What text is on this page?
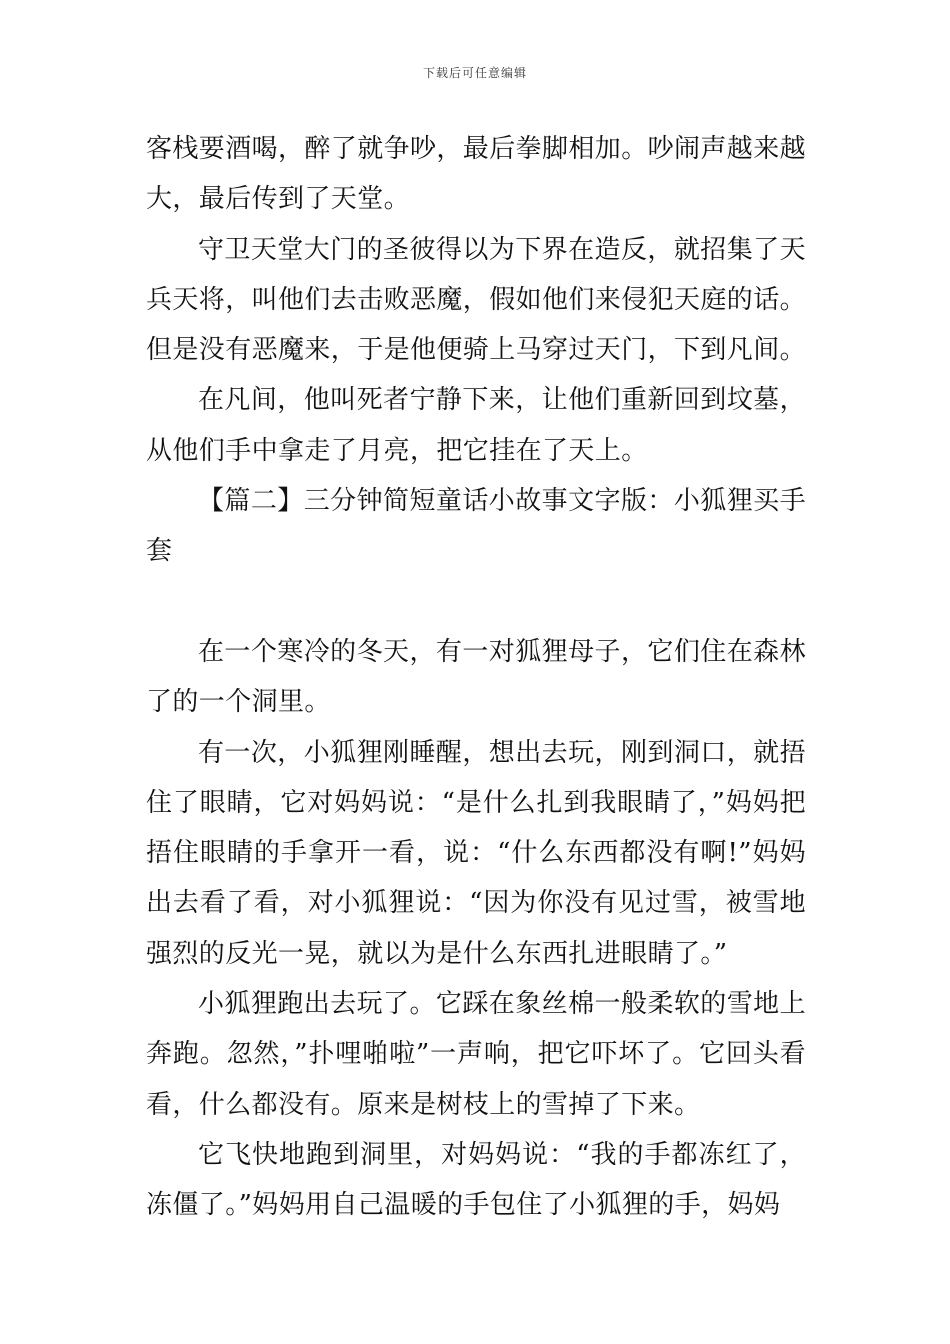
下载后可任意编辑

客栈要酒喝，醉了就争吵，最后拳脚相加。吵闹声越来越大，最后传到了天堂。

守卫天堂大门的圣彼得以为下界在造反，就招集了天兵天将，叫他们去击败恶魔，假如他们来侵犯天庭的话。但是没有恶魔来，于是他便骑上马穿过天门，下到凡间。

在凡间，他叫死者宁静下来，让他们重新回到坟墓，从他们手中拿走了月亮，把它挂在了天上。

【篇二】三分钟简短童话小故事文字版：小狐狸买手套

在一个寒冷的冬天，有一对狐狸母子，它们住在森林了的一个洞里。

有一次，小狐狸刚睡醒，想出去玩，刚到洞口，就捂住了眼睛，它对妈妈说：“是什么扎到我眼睛了，”妈妈把捂住眼睛的手拿开一看，说：“什么东西都没有啊!”妈妈出去看了看，对小狐狸说：“因为你没有见过雪，被雪地强烈的反光一晃，就以为是什么东西扎进眼睛了。”

小狐狸跑出去玩了。它踩在象丝棉一般柔软的雪地上奔跑。忽然，”扑哩啪啦”一声响，把它吓坏了。它回头看看，什么都没有。原来是树枝上的雪掉了下来。

它飞快地跑到洞里，对妈妈说：“我的手都冻红了，冻僵了。”妈妈用自己温暖的手包住了小狐狸的手，妈妈
